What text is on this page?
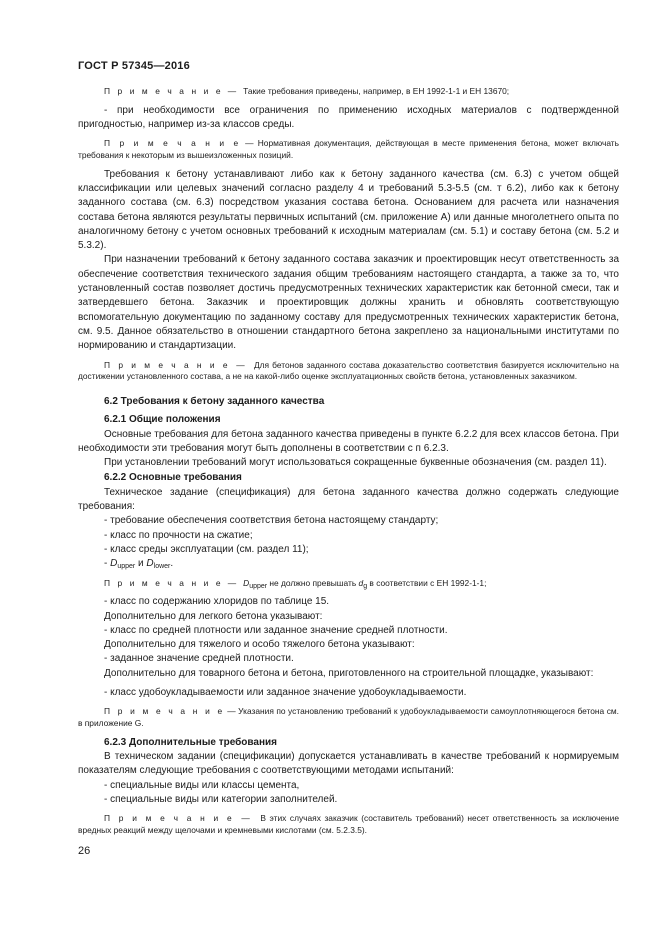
ГОСТ Р 57345—2016

П р и м е ч а н и е — Такие требования приведены, например, в ЕН 1992-1-1 и ЕН 13670;

- при необходимости все ограничения по применению исходных материалов c подтвержденной пригодностью, например из-за классов среды.

П р и м е ч а н и е — Нормативная документация, действующая в месте применения бетона, может включать требования к некоторым из вышеизложенных позиций.

Требования к бетону устанавливают либо как к бетону заданного качества (см. 6.3) с учетом общей классификации или целевых значений согласно разделу 4 и требований 5.3-5.5 (см. т 6.2), либо как к бетону заданного состава (см. 6.3) посредством указания состава бетона. Основанием для расчета или назначения состава бетона являются результаты первичных испытаний (см. приложение А) или данные многолетнего опыта по аналогичному бетону с учетом основных требований к исходным материалам (см. 5.1) и составу бетона (см. 5.2 и 5.3.2).

При назначении требований к бетону заданного состава заказчик и проектировщик несут ответственность за обеспечение соответствия технического задания общим требованиям настоящего стандарта, а также за то, что установленный состав позволяет достичь предусмотренных технических характеристик как бетонной смеси, так и затвердевшего бетона. Заказчик и проектировщик должны хранить и обновлять соответствующую вспомогательную документацию по заданному составу для предусмотренных технических характеристик бетона, см. 9.5. Данное обязательство в отношении стандартного бетона закреплено за национальными институтами по нормированию и стандартизации.

П р и м е ч а н и е — Для бетонов заданного состава доказательство соответствия базируется исключительно на достижении установленного состава, а не на какой-либо оценке эксплуатационных свойств бетона, установленных заказчиком.

6.2 Требования к бетону заданного качества

6.2.1 Общие положения

Основные требования для бетона заданного качества приведены в пункте 6.2.2 для всех классов бетона. При необходимости эти требования могут быть дополнены в соответствии с п 6.2.3.

При установлении требований могут использоваться сокращенные буквенные обозначения (см. раздел 11).

6.2.2 Основные требования

Техническое задание (спецификация) для бетона заданного качества должно содержать следующие требования:

- требование обеспечения соответствия бетона настоящему стандарту;

- класс по прочности на сжатие;

- класс среды эксплуатации (см. раздел 11);

- $D_{upper}$ и $D_{lower}$.

П р и м е ч а н и е — $D_{upper}$ не должно превышать $d_g$ в соответствии с ЕН 1992-1-1;

- класс по содержанию хлоридов по таблице 15.

Дополнительно для легкого бетона указывают:

- класс по средней плотности или заданное значение средней плотности.

Дополнительно для тяжелого и особо тяжелого бетона указывают:

- заданное значение средней плотности.

Дополнительно для товарного бетона и бетона, приготовленного на строительной площадке, указывают:

- класс удобоукладываемости или заданное значение удобоукладываемости.

П р и м е ч а н и е — Указания по установлению требований к удобоукладываемости самоуплотняющегося бетона см. в приложение G.

6.2.3 Дополнительные требования

В техническом задании (спецификации) допускается устанавливать в качестве требований к нормируемым показателям следующие требования с соответствующими методами испытаний:

- специальные виды или классы цемента,

- специальные виды или категории заполнителей.

П р и м е ч а н и е — В этих случаях заказчик (составитель требований) несет ответственность за исключение вредных реакций между щелочами и кремневыми кислотами (см. 5.2.3.5).

26
